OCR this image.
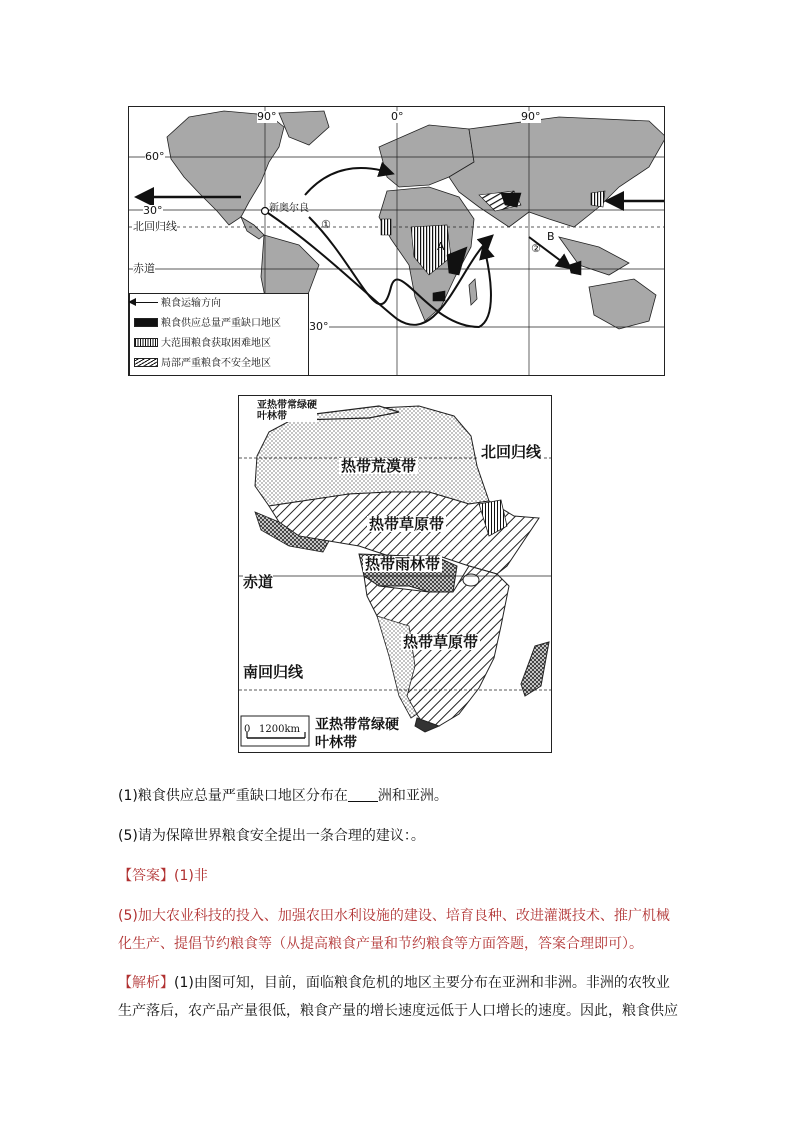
90°	0°	90°
60°
30°
30°
北回归线
赤道
新奥尔良
①
②
A
B
粮食运输方向
粮食供应总量严重缺口地区
大范围粮食获取困难地区
局部严重粮食不安全地区
亚热带常绿硬叶林带
热带荒漠带
北回归线
热带草原带
热带雨林带
赤道
热带草原带
南回归线
0 1200km 亚热带常绿硬叶林带
(1)粮食供应总量严重缺口地区分布在 洲和亚洲。
(5)请为保障世界粮食安全提出一条合理的建议：。
【答案】(1)非
(5)加大农业科技的投入、加强农田水利设施的建设、培育良种、改进灌溉技术、推广机械
化生产、提倡节约粮食等（从提高粮食产量和节约粮食等方面答题，答案合理即可）。
【解析】(1)由图可知，目前，面临粮食危机的地区主要分布在亚洲和非洲。非洲的农牧业
生产落后，农产品产量很低，粮食产量的增长速度远低于人口增长的速度。因此，粮食供应
